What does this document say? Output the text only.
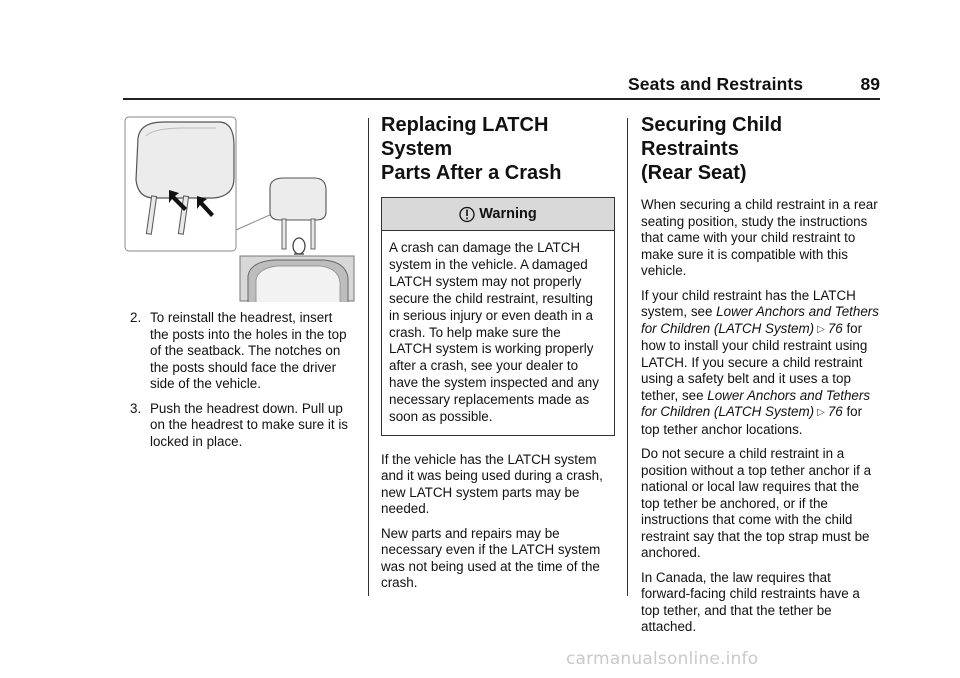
Seats and Restraints	89
2. To reinstall the headrest, insert the posts into the holes in the top of the seatback. The notches on the posts should face the driver side of the vehicle.
3. Push the headrest down. Pull up on the headrest to make sure it is locked in place.
Replacing LATCH System
Parts After a Crash
Warning
A crash can damage the LATCH system in the vehicle. A damaged LATCH system may not properly secure the child restraint, resulting in serious injury or even death in a crash. To help make sure the LATCH system is working properly after a crash, see your dealer to have the system inspected and any necessary replacements made as soon as possible.

If the vehicle has the LATCH system and it was being used during a crash, new LATCH system parts may be needed.

New parts and repairs may be necessary even if the LATCH system was not being used at the time of the crash.

Securing Child Restraints
(Rear Seat)

When securing a child restraint in a rear seating position, study the instructions that came with your child restraint to make sure it is compatible with this vehicle.

If your child restraint has the LATCH system, see Lower Anchors and Tethers for Children (LATCH System) ▷ 76 for how to install your child restraint using LATCH. If you secure a child restraint using a safety belt and it uses a top tether, see Lower Anchors and Tethers for Children (LATCH System) ▷ 76 for top tether anchor locations.

Do not secure a child restraint in a position without a top tether anchor if a national or local law requires that the top tether be anchored, or if the instructions that come with the child restraint say that the top strap must be anchored.

In Canada, the law requires that forward-facing child restraints have a top tether, and that the tether be attached.

carmanualsonline.info
